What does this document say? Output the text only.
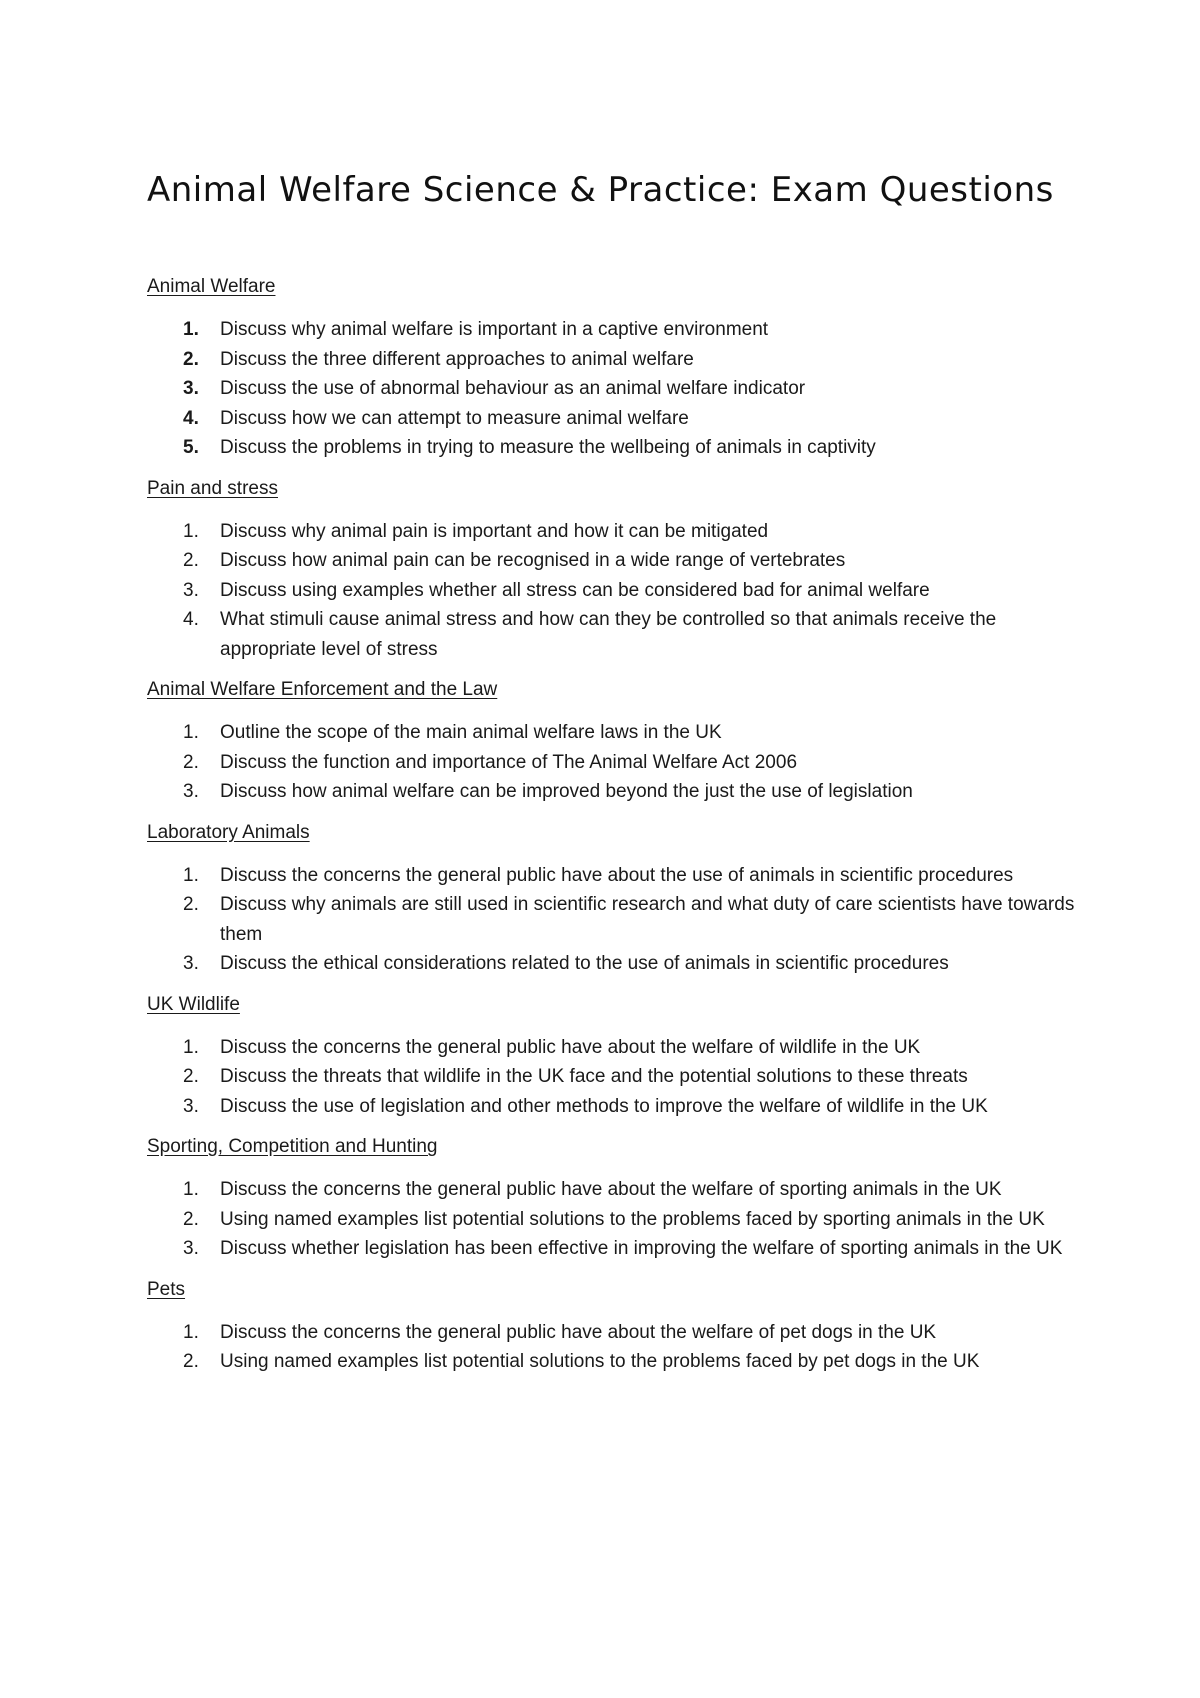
Animal Welfare Science & Practice: Exam Questions
Animal Welfare
1. Discuss why animal welfare is important in a captive environment
2. Discuss the three different approaches to animal welfare
3. Discuss the use of abnormal behaviour as an animal welfare indicator
4. Discuss how we can attempt to measure animal welfare
5. Discuss the problems in trying to measure the wellbeing of animals in captivity
Pain and stress
1. Discuss why animal pain is important and how it can be mitigated
2. Discuss how animal pain can be recognised in a wide range of vertebrates
3. Discuss using examples whether all stress can be considered bad for animal welfare
4. What stimuli cause animal stress and how can they be controlled so that animals receive the appropriate level of stress
Animal Welfare Enforcement and the Law
1. Outline the scope of the main animal welfare laws in the UK
2. Discuss the function and importance of The Animal Welfare Act 2006
3. Discuss how animal welfare can be improved beyond the just the use of legislation
Laboratory Animals
1. Discuss the concerns the general public have about the use of animals in scientific procedures
2. Discuss why animals are still used in scientific research and what duty of care scientists have towards them
3. Discuss the ethical considerations related to the use of animals in scientific procedures
UK Wildlife
1. Discuss the concerns the general public have about the welfare of wildlife in the UK
2. Discuss the threats that wildlife in the UK face and the potential solutions to these threats
3. Discuss the use of legislation and other methods to improve the welfare of wildlife in the UK
Sporting, Competition and Hunting
1. Discuss the concerns the general public have about the welfare of sporting animals in the UK
2. Using named examples list potential solutions to the problems faced by sporting animals in the UK
3. Discuss whether legislation has been effective in improving the welfare of sporting animals in the UK
Pets
1. Discuss the concerns the general public have about the welfare of pet dogs in the UK
2. Using named examples list potential solutions to the problems faced by pet dogs in the UK
